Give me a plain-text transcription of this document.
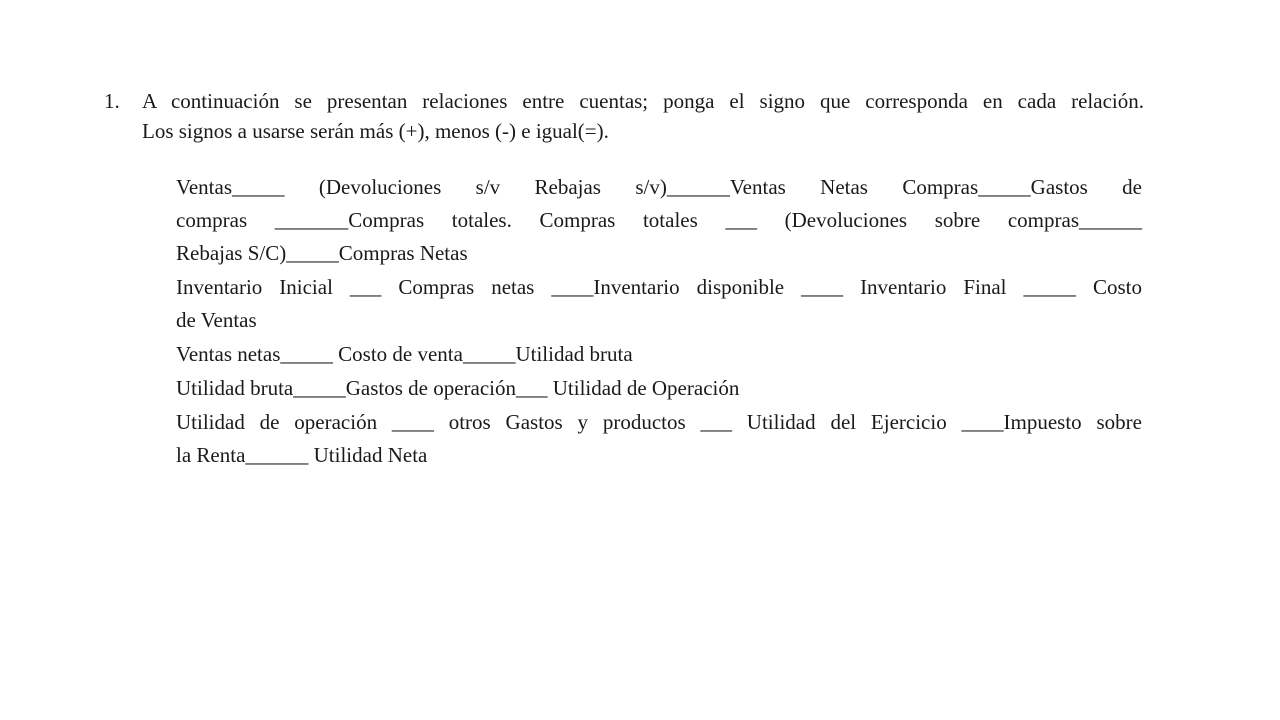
1.	A continuación se presentan relaciones entre cuentas; ponga el signo que corresponda en cada relación.
Los signos a usarse serán más (+), menos (-) e igual(=).
Ventas_____ (Devoluciones s/v Rebajas s/v)______Ventas Netas Compras_____Gastos de
compras _______Compras totales. Compras totales ___ (Devoluciones sobre compras______
Rebajas S/C)_____Compras Netas
Inventario Inicial ___ Compras netas ____Inventario disponible ____ Inventario Final _____ Costo
de Ventas
Ventas netas_____ Costo de venta_____Utilidad bruta
Utilidad bruta_____Gastos de operación___ Utilidad de Operación
Utilidad de operación ____ otros Gastos y productos ___ Utilidad del Ejercicio ____Impuesto sobre
la Renta______ Utilidad Neta
